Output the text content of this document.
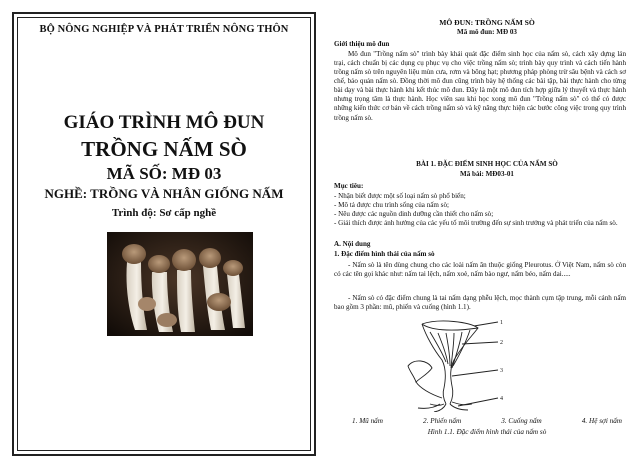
BỘ NÔNG NGHIỆP VÀ PHÁT TRIỂN NÔNG THÔN
GIÁO TRÌNH MÔ ĐUN
TRỒNG NẤM SÒ
MÃ SỐ: MĐ 03
NGHỀ: TRỒNG VÀ NHÂN GIỐNG NẤM
Trình độ: Sơ cấp nghề
MÔ ĐUN: TRỒNG NẤM SÒ
Mã mô đun: MĐ 03
Giới thiệu mô đun
Mô đun "Trồng nấm sò" trình bày khái quát đặc điểm sinh học của nấm sò, cách xây dựng lán trại, cách chuẩn bị các dụng cụ phục vụ cho việc trồng nấm sò; trình bày quy trình và cách tiến hành trồng nấm sò trên nguyên liệu mùn cưa, rơm và bông hạt; phương pháp phòng trừ sâu bệnh và cách sơ chế, bảo quản nấm sò. Đồng thời mô đun cũng trình bày hệ thống các bài tập, bài thực hành cho từng bài dạy và bài thực hành khi kết thúc mô đun. Đây là một mô đun tích hợp giữa lý thuyết và thực hành nhưng trọng tâm là thực hành. Học viên sau khi học xong mô đun "Trồng nấm sò" có thể có được những kiến thức cơ bản về cách trồng nấm sò và kỹ năng thực hiện các bước công việc trong quy trình trồng nấm sò.
BÀI 1. ĐẶC ĐIỂM SINH HỌC CỦA NẤM SÒ
Mã bài: MĐ03-01
Mục tiêu:
- Nhận biết được một số loại nấm sò phổ biến;
- Mô tả được chu trình sống của nấm sò;
- Nêu được các nguồn dinh dưỡng cần thiết cho nấm sò;
- Giải thích được ảnh hưởng của các yếu tố môi trường đến sự sinh trưởng và phát triển của nấm sò.
A. Nội dung
1. Đặc điểm hình thái của nấm sò
- Nấm sò là tên dùng chung cho các loài nấm ăn thuộc giống Pleurotus. Ở Việt Nam, nấm sò còn có các tên gọi khác như: nấm tai lệch, nấm xoè, nấm bào ngư, nấm béo, nấm dai.....
- Nấm sò có đặc điểm chung là tai nấm dạng phễu lệch, mọc thành cụm tập trung, mỗi cánh nấm bao gồm 3 phần: mũ, phiến và cuống (hình 1.1).
1
2
3
4
1. Mũ nấm	2. Phiến nấm	3. Cuống nấm	4. Hệ sợi nấm
Hình 1.1. Đặc điểm hình thái của nấm sò
